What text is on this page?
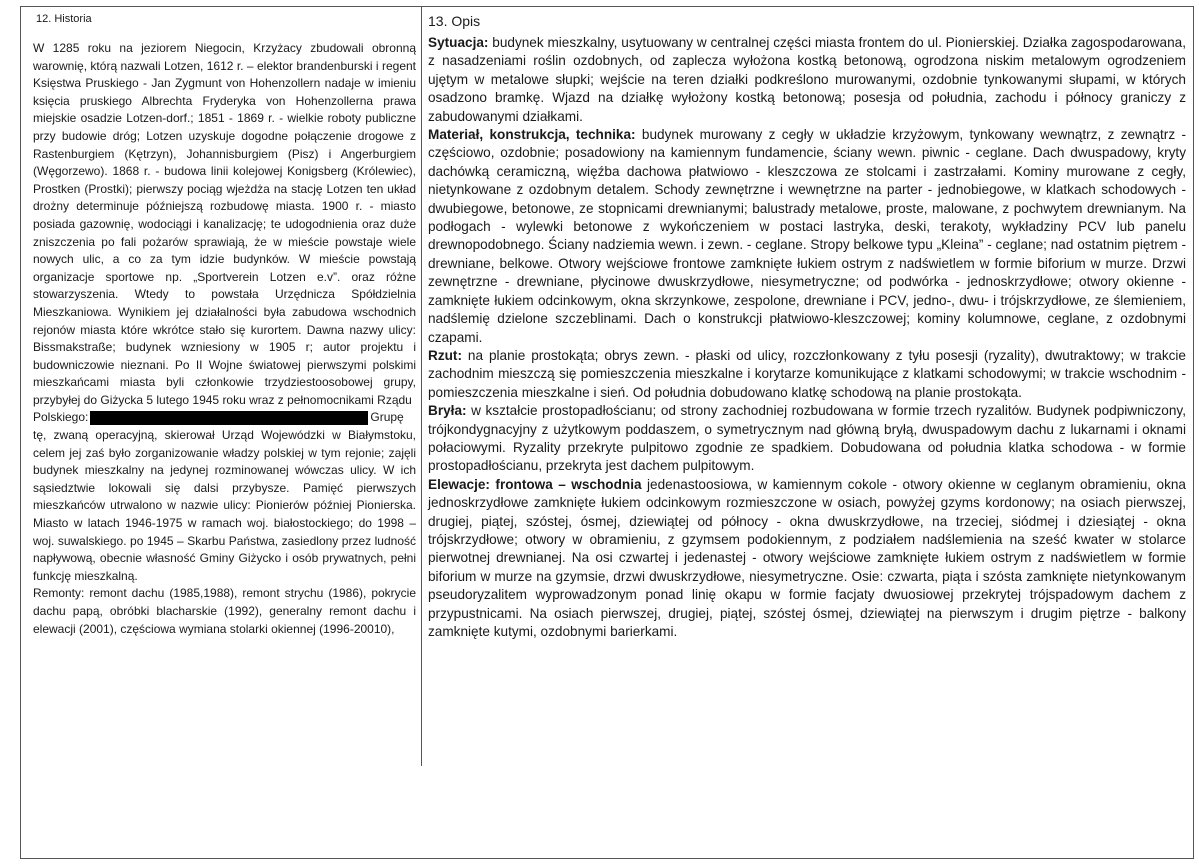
12. Historia

W 1285 roku na jeziorem Niegocin, Krzyżacy zbudowali obronną warownię, którą nazwali Lotzen, 1612 r. – elektor brandenburski i regent Księstwa Pruskiego - Jan Zygmunt von Hohenzollern nadaje w imieniu księcia pruskiego Albrechta Fryderyka von Hohenzollerna prawa miejskie osadzie Lotzen-dorf.; 1851 - 1869 r. - wielkie roboty publiczne przy budowie dróg; Lotzen uzyskuje dogodne połączenie drogowe z Rastenburgiem (Kętrzyn), Johannisburgiem (Pisz) i Angerburgiem (Węgorzewo). 1868 r. - budowa linii kolejowej Konigsberg (Królewiec), Prostken (Prostki); pierwszy pociąg wjeżdża na stację Lotzen ten układ drożny determinuje późniejszą rozbudowę miasta. 1900 r. - miasto posiada gazownię, wodociągi i kanalizację; te udogodnienia oraz duże zniszczenia po fali pożarów sprawiają, że w mieście powstaje wiele nowych ulic, a co za tym idzie budynków. W mieście powstają organizacje sportowe np. „Sportverein Lotzen e.v”. oraz różne stowarzyszenia. Wtedy to powstała Urzędnicza Spółdzielnia Mieszkaniowa. Wynikiem jej działalności była zabudowa wschodnich rejonów miasta które wkrótce stało się kurortem. Dawna nazwy ulicy: Bissmakstraße; budynek wzniesiony w 1905 r; autor projektu i budowniczowie nieznani. Po II Wojne światowej pierwszymi polskimi mieszkańcami miasta byli członkowie trzydziestoosobowej grupy, przybyłej do Giżycka 5 lutego 1945 roku wraz z pełnomocnikami Rządu

Polskiego:	Grupę

tę, zwaną operacyjną, skierował Urząd Wojewódzki w Białymstoku, celem jej zaś było zorganizowanie władzy polskiej w tym rejonie; zajęli budynek mieszkalny na jedynej rozminowanej wówczas ulicy. W ich sąsiedztwie lokowali się dalsi przybysze. Pamięć pierwszych mieszkańców utrwalono w nazwie ulicy: Pionierów później Pionierska. Miasto w latach 1946-1975 w ramach woj. białostockiego; do 1998 – woj. suwalskiego. po 1945 – Skarbu Państwa, zasiedlony przez ludność napływową, obecnie własność Gminy Giżycko i osób prywatnych, pełni funkcję mieszkalną.

Remonty: remont dachu (1985,1988), remont strychu (1986), pokrycie dachu papą, obróbki blacharskie (1992), generalny remont dachu i elewacji (2001), częściowa wymiana stolarki okiennej (1996-20010),

13. Opis

Sytuacja: budynek mieszkalny, usytuowany w centralnej części miasta frontem do ul. Pionierskiej. Działka zagospodarowana, z nasadzeniami roślin ozdobnych, od zaplecza wyłożona kostką betonową, ogrodzona niskim metalowym ogrodzeniem ujętym w metalowe słupki; wejście na teren działki podkreślono murowanymi, ozdobnie tynkowanymi słupami, w których osadzono bramkę. Wjazd na działkę wyłożony kostką betonową; posesja od południa, zachodu i północy graniczy z zabudowanymi działkami.

Materiał, konstrukcja, technika: budynek murowany z cegły w układzie krzyżowym, tynkowany wewnątrz, z zewnątrz - częściowo, ozdobnie; posadowiony na kamiennym fundamencie, ściany wewn. piwnic - ceglane. Dach dwuspadowy, kryty dachówką ceramiczną, więźba dachowa płatwiowo - kleszczowa ze stolcami i zastrzałami. Kominy murowane z cegły, nietynkowane z ozdobnym detalem. Schody zewnętrzne i wewnętrzne na parter - jednobiegowe, w klatkach schodowych - dwubiegowe, betonowe, ze stopnicami drewnianymi; balustrady metalowe, proste, malowane, z pochwytem drewnianym. Na podłogach - wylewki betonowe z wykończeniem w postaci lastryka, deski, terakoty, wykładziny PCV lub panelu drewnopodobnego. Ściany nadziemia wewn. i zewn. - ceglane. Stropy belkowe typu „Kleina” - ceglane; nad ostatnim piętrem - drewniane, belkowe. Otwory wejściowe frontowe zamknięte łukiem ostrym z nadświetlem w formie biforium w murze. Drzwi zewnętrzne - drewniane, płycinowe dwuskrzydłowe, niesymetryczne; od podwórka - jednoskrzydłowe; otwory okienne - zamknięte łukiem odcinkowym, okna skrzynkowe, zespolone, drewniane i PCV, jedno-, dwu- i trójskrzydłowe, ze ślemieniem, nadślemię dzielone szczeblinami. Dach o konstrukcji płatwiowo-kleszczowej; kominy kolumnowe, ceglane, z ozdobnymi czapami.

Rzut: na planie prostokąta; obrys zewn. - płaski od ulicy, rozczłonkowany z tyłu posesji (ryzality), dwutraktowy; w trakcie zachodnim mieszczą się pomieszczenia mieszkalne i korytarze komunikujące z klatkami schodowymi; w trakcie wschodnim - pomieszczenia mieszkalne i sień. Od południa dobudowano klatkę schodową na planie prostokąta.

Bryła: w kształcie prostopadłościanu; od strony zachodniej rozbudowana w formie trzech ryzalitów. Budynek podpiwniczony, trójkondygnacyjny z użytkowym poddaszem, o symetrycznym nad główną bryłą, dwuspadowym dachu z lukarnami i oknami połaciowymi. Ryzality przekryte pulpitowo zgodnie ze spadkiem. Dobudowana od południa klatka schodowa - w formie prostopadłościanu, przekryta jest dachem pulpitowym.

Elewacje: frontowa – wschodnia jedenastoosiowa, w kamiennym cokole - otwory okienne w ceglanym obramieniu, okna jednoskrzydłowe zamknięte łukiem odcinkowym rozmieszczone w osiach, powyżej gzyms kordonowy; na osiach pierwszej, drugiej, piątej, szóstej, ósmej, dziewiątej od północy - okna dwuskrzydłowe, na trzeciej, siódmej i dziesiątej - okna trójskrzydłowe; otwory w obramieniu, z gzymsem podokiennym, z podziałem nadślemienia na sześć kwater w stolarce pierwotnej drewnianej. Na osi czwartej i jedenastej - otwory wejściowe zamknięte łukiem ostrym z nadświetlem w formie biforium w murze na gzymsie, drzwi dwuskrzydłowe, niesymetryczne. Osie: czwarta, piąta i szósta zamknięte nietynkowanym pseudoryzalitem wyprowadzonym ponad linię okapu w formie facjaty dwuosiowej przekrytej trójspadowym dachem z przypustnicami. Na osiach pierwszej, drugiej, piątej, szóstej ósmej, dziewiątej na pierwszym i drugim piętrze - balkony zamknięte kutymi, ozdobnymi barierkami.
